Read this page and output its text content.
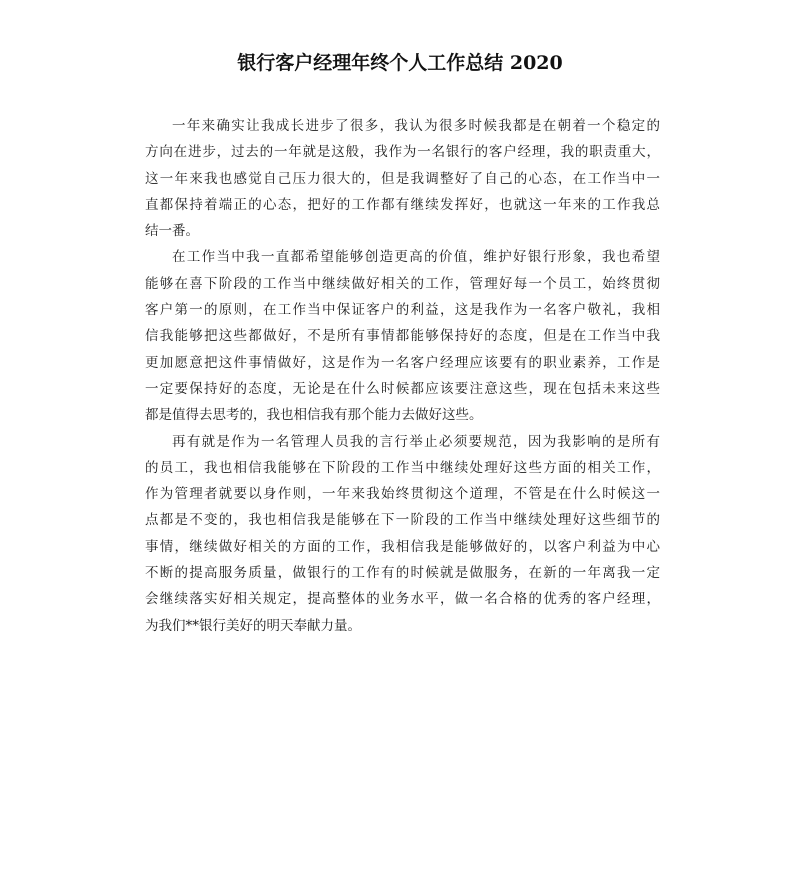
银行客户经理年终个人工作总结 2020
一年来确实让我成长进步了很多，我认为很多时候我都是在朝着一个稳定的
方向在进步，过去的一年就是这般，我作为一名银行的客户经理，我的职责重大，
这一年来我也感觉自己压力很大的，但是我调整好了自己的心态，在工作当中一
直都保持着端正的心态，把好的工作都有继续发挥好，也就这一年来的工作我总
结一番。
在工作当中我一直都希望能够创造更高的价值，维护好银行形象，我也希望
能够在喜下阶段的工作当中继续做好相关的工作，管理好每一个员工，始终贯彻
客户第一的原则，在工作当中保证客户的利益，这是我作为一名客户敬礼，我相
信我能够把这些都做好，不是所有事情都能够保持好的态度，但是在工作当中我
更加愿意把这件事情做好，这是作为一名客户经理应该要有的职业素养，工作是
一定要保持好的态度，无论是在什么时候都应该要注意这些，现在包括未来这些
都是值得去思考的，我也相信我有那个能力去做好这些。
再有就是作为一名管理人员我的言行举止必须要规范，因为我影响的是所有
的员工，我也相信我能够在下阶段的工作当中继续处理好这些方面的相关工作，
作为管理者就要以身作则，一年来我始终贯彻这个道理，不管是在什么时候这一
点都是不变的，我也相信我是能够在下一阶段的工作当中继续处理好这些细节的
事情，继续做好相关的方面的工作，我相信我是能够做好的，以客户利益为中心
不断的提高服务质量，做银行的工作有的时候就是做服务，在新的一年离我一定
会继续落实好相关规定，提高整体的业务水平，做一名合格的优秀的客户经理，
为我们**银行美好的明天奉献力量。
